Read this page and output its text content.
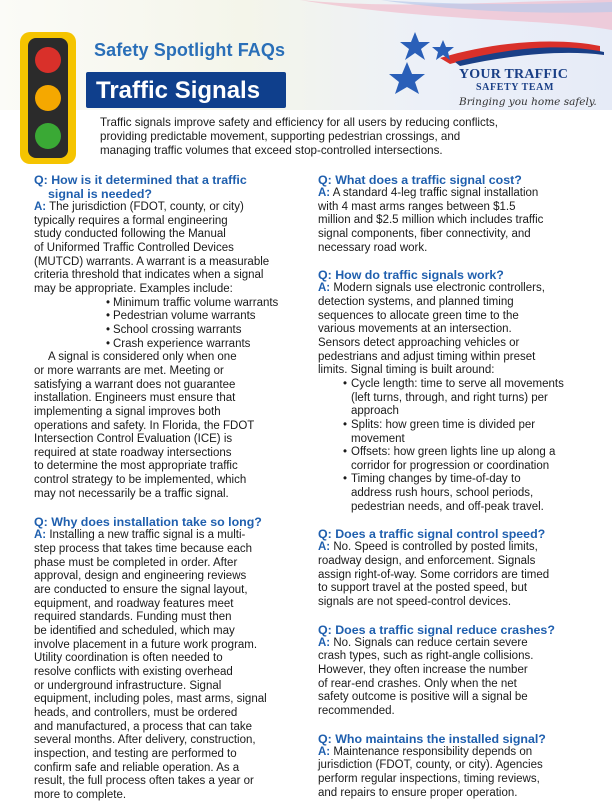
Safety Spotlight FAQs
Traffic Signals
YOUR TRAFFIC
SAFETY TEAM
Bringing you home safely.
Traffic signals improve safety and efficiency for all users by reducing conflicts,
providing predictable movement, supporting pedestrian crossings, and
managing traffic volumes that exceed stop-controlled intersections.
Q: How is it determined that a traffic
signal is needed?
A: The jurisdiction (FDOT, county, or city)
typically requires a formal engineering
study conducted following the Manual
of Uniformed Traffic Controlled Devices
(MUTCD) warrants. A warrant is a measurable
criteria threshold that indicates when a signal
may be appropriate. Examples include:
• Minimum traffic volume warrants
• Pedestrian volume warrants
• School crossing warrants
• Crash experience warrants
A signal is considered only when one
or more warrants are met. Meeting or
satisfying a warrant does not guarantee
installation. Engineers must ensure that
implementing a signal improves both
operations and safety. In Florida, the FDOT
Intersection Control Evaluation (ICE) is
required at state roadway intersections
to determine the most appropriate traffic
control strategy to be implemented, which
may not necessarily be a traffic signal.
Q: Why does installation take so long?
A: Installing a new traffic signal is a multi-
step process that takes time because each
phase must be completed in order. After
approval, design and engineering reviews
are conducted to ensure the signal layout,
equipment, and roadway features meet
required standards. Funding must then
be identified and scheduled, which may
involve placement in a future work program.
Utility coordination is often needed to
resolve conflicts with existing overhead
or underground infrastructure. Signal
equipment, including poles, mast arms, signal
heads, and controllers, must be ordered
and manufactured, a process that can take
several months. After delivery, construction,
inspection, and testing are performed to
confirm safe and reliable operation. As a
result, the full process often takes a year or
more to complete.
Q: What does a traffic signal cost?
A: A standard 4-leg traffic signal installation
with 4 mast arms ranges between $1.5
million and $2.5 million which includes traffic
signal components, fiber connectivity, and
necessary road work.
Q: How do traffic signals work?
A: Modern signals use electronic controllers,
detection systems, and planned timing
sequences to allocate green time to the
various movements at an intersection.
Sensors detect approaching vehicles or
pedestrians and adjust timing within preset
limits. Signal timing is built around:
• Cycle length: time to serve all movements
(left turns, through, and right turns) per
approach
• Splits: how green time is divided per
movement
• Offsets: how green lights line up along a
corridor for progression or coordination
• Timing changes by time-of-day to
address rush hours, school periods,
pedestrian needs, and off-peak travel.
Q: Does a traffic signal control speed?
A: No. Speed is controlled by posted limits,
roadway design, and enforcement. Signals
assign right-of-way. Some corridors are timed
to support travel at the posted speed, but
signals are not speed-control devices.
Q: Does a traffic signal reduce crashes?
A: No. Signals can reduce certain severe
crash types, such as right-angle collisions.
However, they often increase the number
of rear-end crashes. Only when the net
safety outcome is positive will a signal be
recommended.
Q: Who maintains the installed signal?
A: Maintenance responsibility depends on
jurisdiction (FDOT, county, or city). Agencies
perform regular inspections, timing reviews,
and repairs to ensure proper operation.
